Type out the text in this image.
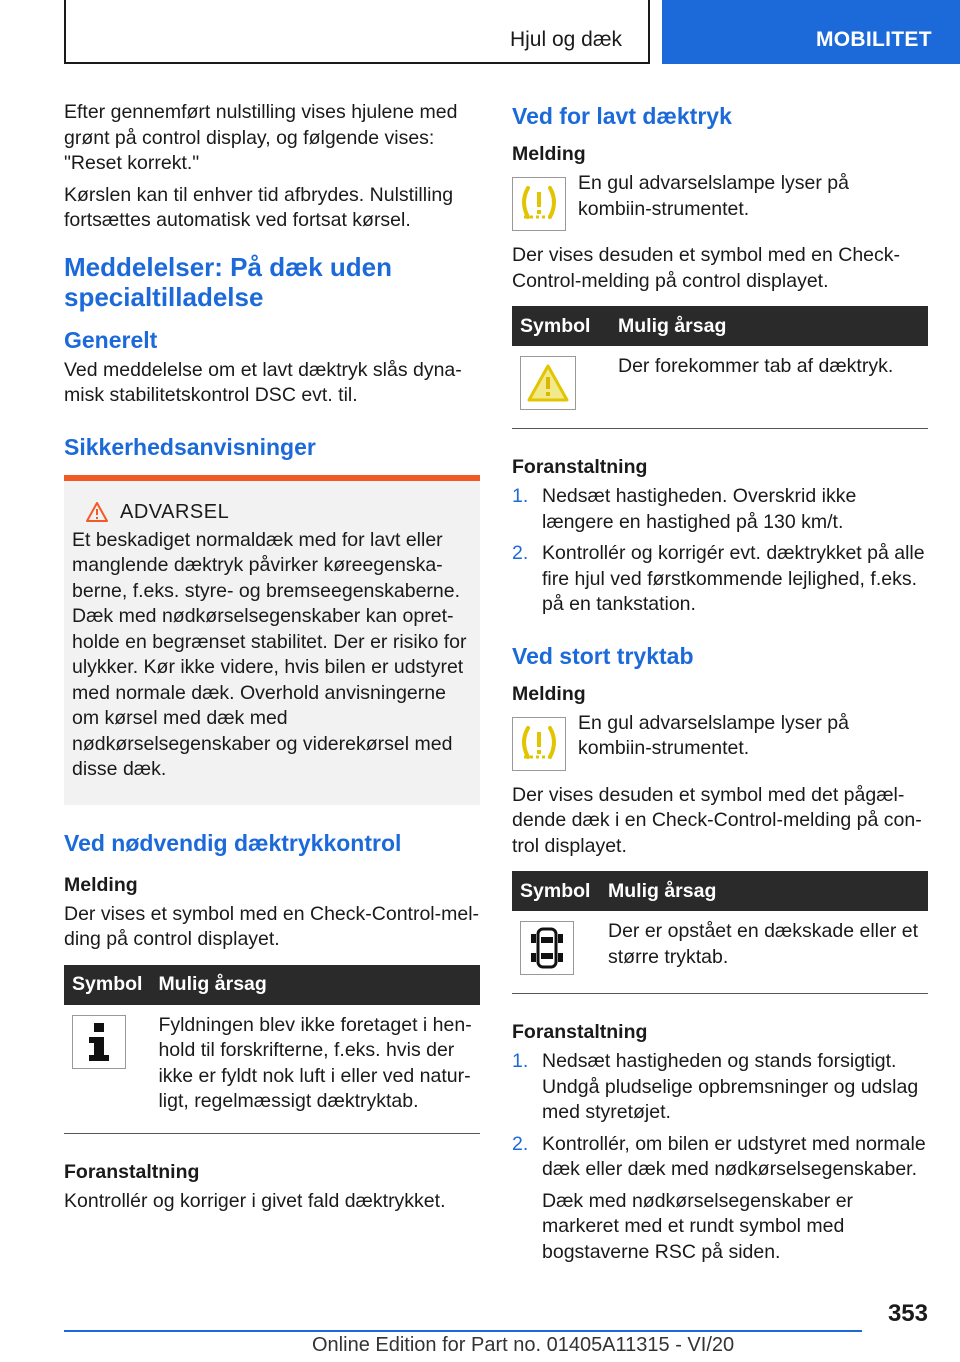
Hjul og dæk	MOBILITET

Efter gennemført nulstilling vises hjulene med grønt på control display, og følgende vises: "Reset korrekt."

Kørslen kan til enhver tid afbrydes. Nulstilling fortsættes automatisk ved fortsat kørsel.

Meddelelser: På dæk uden specialtilladelse
Generelt

Ved meddelelse om et lavt dæktryk slås dyna-misk stabilitetskontrol DSC evt. til.

Sikkerhedsanvisninger
ADVARSEL

Et beskadiget normaldæk med for lavt eller manglende dæktryk påvirker køreegenska-berne, f.eks. styre- og bremseegenskaberne. Dæk med nødkørselsegenskaber kan opret-holde en begrænset stabilitet. Der er risiko for ulykker. Kør ikke videre, hvis bilen er udstyret med normale dæk. Overhold anvisningerne om kørsel med dæk med nødkørselsegenskaber og viderekørsel med disse dæk.

Ved nødvendig dæktrykkontrol
Melding

Der vises et symbol med en Check-Control-mel-ding på control displayet.

Symbol	Mulig årsag

	Fyldningen blev ikke foretaget i hen-hold til forskrifterne, f.eks. hvis der ikke er fyldt nok luft i eller ved natur-ligt, regelmæssigt dæktryktab.
Foranstaltning

Kontrollér og korriger i givet fald dæktrykket.

Ved for lavt dæktryk
Melding

En gul advarselslampe lyser på kombiin-strumentet.

Der vises desuden et symbol med en Check-Control-melding på control displayet.

Symbol	Mulig årsag

	Der forekommer tab af dæktryk.
Foranstaltning
1. Nedsæt hastigheden. Overskrid ikke længere en hastighed på 130 km/t.
2. Kontrollér og korrigér evt. dæktrykket på alle fire hjul ved førstkommende lejlighed, f.eks. på en tankstation.
Ved stort tryktab
Melding

En gul advarselslampe lyser på kombiin-strumentet.

Der vises desuden et symbol med det pågæl-dende dæk i en Check-Control-melding på con-trol displayet.

Symbol	Mulig årsag

	Der er opstået en dækskade eller et større tryktab.
Foranstaltning
1. Nedsæt hastigheden og stands forsigtigt. Undgå pludselige opbremsninger og udslag med styretøjet.
2. Kontrollér, om bilen er udstyret med normale dæk eller dæk med nødkørselsegenskaber.

Dæk med nødkørselsegenskaber er markeret med et rundt symbol med bogstaverne RSC på siden.

353
Online Edition for Part no. 01405A11315 - VI/20
